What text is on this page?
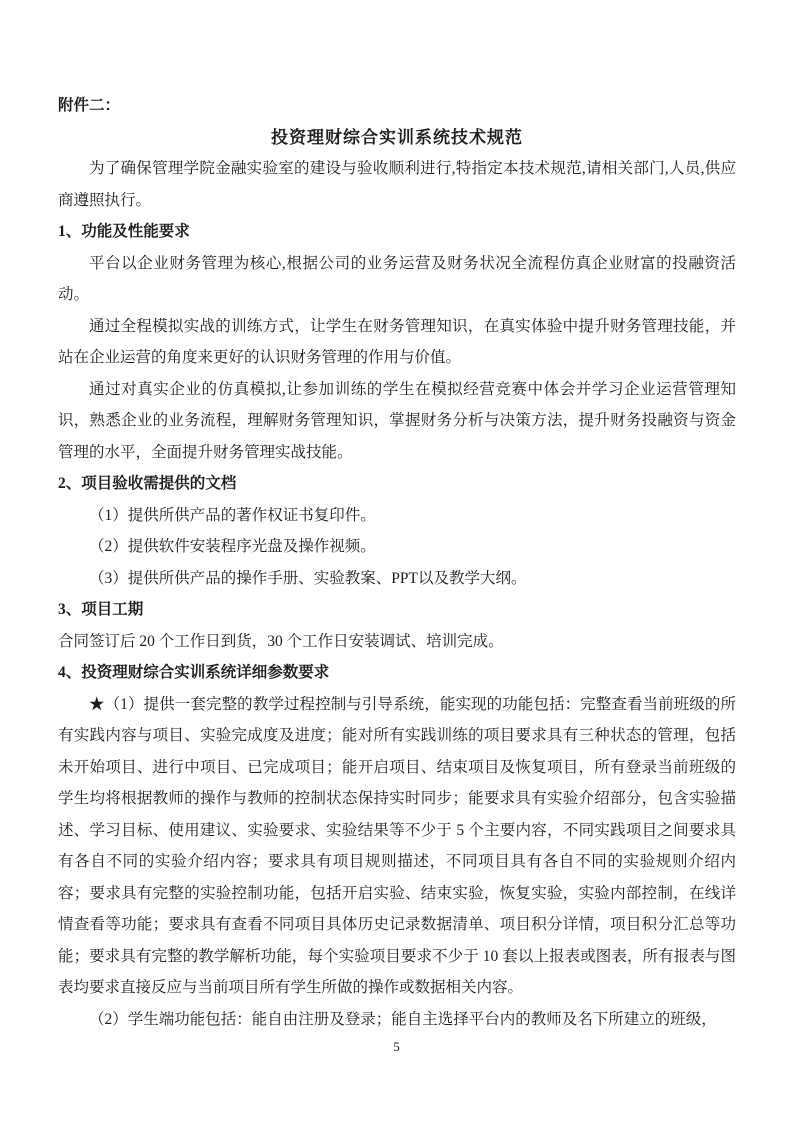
附件二：

投资理财综合实训系统技术规范

为了确保管理学院金融实验室的建设与验收顺利进行,特指定本技术规范,请相关部门,人员,供应商遵照执行。

1、功能及性能要求

平台以企业财务管理为核心,根据公司的业务运营及财务状况全流程仿真企业财富的投融资活动。

通过全程模拟实战的训练方式，让学生在财务管理知识，在真实体验中提升财务管理技能，并站在企业运营的角度来更好的认识财务管理的作用与价值。

通过对真实企业的仿真模拟,让参加训练的学生在模拟经营竞赛中体会并学习企业运营管理知识，熟悉企业的业务流程，理解财务管理知识，掌握财务分析与决策方法，提升财务投融资与资金管理的水平，全面提升财务管理实战技能。

2、项目验收需提供的文档

（1）提供所供产品的著作权证书复印件。

（2）提供软件安装程序光盘及操作视频。

（3）提供所供产品的操作手册、实验教案、PPT以及教学大纲。

3、项目工期

合同签订后 20 个工作日到货，30 个工作日安装调试、培训完成。

4、投资理财综合实训系统详细参数要求

★（1）提供一套完整的教学过程控制与引导系统，能实现的功能包括：完整查看当前班级的所有实践内容与项目、实验完成度及进度；能对所有实践训练的项目要求具有三种状态的管理，包括未开始项目、进行中项目、已完成项目；能开启项目、结束项目及恢复项目，所有登录当前班级的学生均将根据教师的操作与教师的控制状态保持实时同步；能要求具有实验介绍部分，包含实验描述、学习目标、使用建议、实验要求、实验结果等不少于 5 个主要内容，不同实践项目之间要求具有各自不同的实验介绍内容；要求具有项目规则描述，不同项目具有各自不同的实验规则介绍内容；要求具有完整的实验控制功能，包括开启实验、结束实验，恢复实验，实验内部控制，在线详情查看等功能；要求具有查看不同项目具体历史记录数据清单、项目积分详情，项目积分汇总等功能；要求具有完整的教学解析功能，每个实验项目要求不少于 10 套以上报表或图表，所有报表与图表均要求直接反应与当前项目所有学生所做的操作或数据相关内容。

（2）学生端功能包括：能自由注册及登录；能自主选择平台内的教师及名下所建立的班级，

5
